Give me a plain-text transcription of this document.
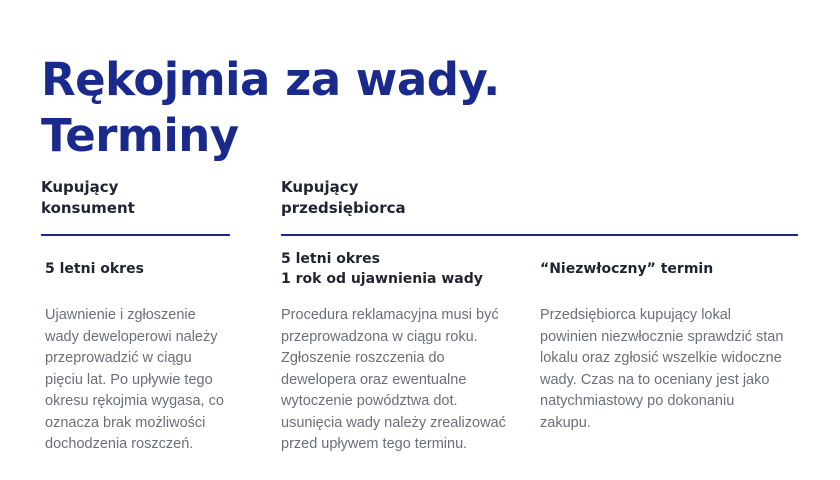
Rękojmia za wady.
Terminy
Kupujący
konsument
Kupujący
przedsiębiorca
5 letni okres
Ujawnienie i zgłoszenie
wady deweloperowi należy
przeprowadzić w ciągu
pięciu lat. Po upływie tego
okresu rękojmia wygasa, co
oznacza brak możliwości
dochodzenia roszczeń.
5 letni okres
1 rok od ujawnienia wady
Procedura reklamacyjna musi być
przeprowadzona w ciągu roku.
Zgłoszenie roszczenia do
dewelopera oraz ewentualne
wytoczenie powództwa dot.
usunięcia wady należy zrealizować
przed upływem tego terminu.
“Niezwłoczny” termin
Przedsiębiorca kupujący lokal
powinien niezwłocznie sprawdzić stan
lokalu oraz zgłosić wszelkie widoczne
wady. Czas na to oceniany jest jako
natychmiastowy po dokonaniu
zakupu.
